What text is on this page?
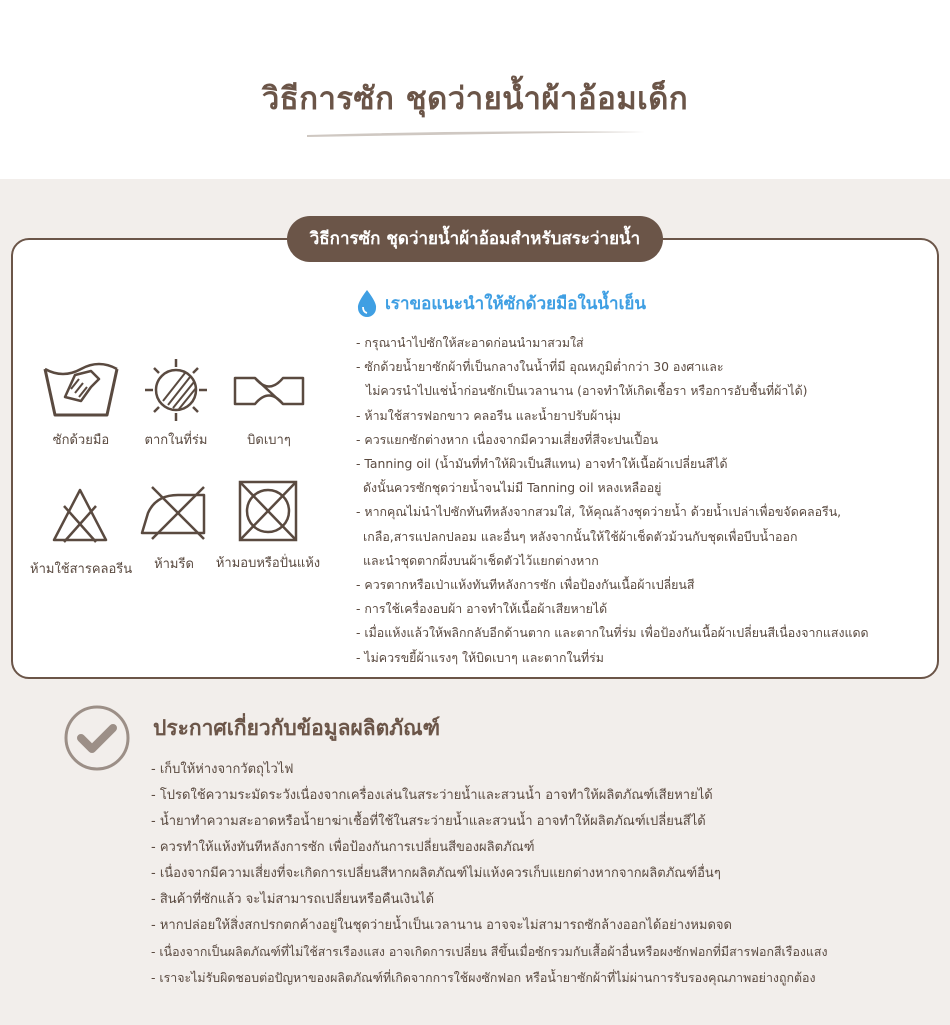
วิธีการซัก ชุดว่ายน้ำผ้าอ้อมเด็ก
วิธีการซัก ชุดว่ายน้ำผ้าอ้อมสำหรับสระว่ายน้ำ
ซักด้วยมือ	ตากในที่ร่ม	บิดเบาๆ
ห้ามใช้สารคลอรีน	ห้ามรีด	ห้ามอบหรือปั่นแห้ง
เราขอแนะนำให้ซักด้วยมือในน้ำเย็น
- กรุณานำไปซักให้สะอาดก่อนนำมาสวมใส่
- ซักด้วยน้ำยาซักผ้าที่เป็นกลางในน้ำที่มี อุณหภูมิต่ำกว่า 30 องศาและ
ไม่ควรนำไปแช่น้ำก่อนซักเป็นเวลานาน (อาจทำให้เกิดเชื้อรา หรือการอับชื้นที่ผ้าได้)
- ห้ามใช้สารฟอกขาว คลอรีน และน้ำยาปรับผ้านุ่ม
- ควรแยกซักต่างหาก เนื่องจากมีความเสี่ยงที่สีจะปนเปื้อน
- Tanning oil (น้ำมันที่ทำให้ผิวเป็นสีแทน) อาจทำให้เนื้อผ้าเปลี่ยนสีได้
ดังนั้นควรซักชุดว่ายน้ำจนไม่มี Tanning oil หลงเหลืออยู่
- หากคุณไม่นำไปซักทันทีหลังจากสวมใส่, ให้คุณล้างชุดว่ายน้ำ ด้วยน้ำเปล่าเพื่อขจัดคลอรีน,
เกลือ,สารแปลกปลอม และอื่นๆ หลังจากนั้นให้ใช้ผ้าเช็ดตัวม้วนกับชุดเพื่อบีบน้ำออก
และนำชุดตากผึ่งบนผ้าเช็ดตัวไว้แยกต่างหาก
- ควรตากหรือเป่าแห้งทันทีหลังการซัก เพื่อป้องกันเนื้อผ้าเปลี่ยนสี
- การใช้เครื่องอบผ้า อาจทำให้เนื้อผ้าเสียหายได้
- เมื่อแห้งแล้วให้พลิกกลับอีกด้านตาก และตากในที่ร่ม เพื่อป้องกันเนื้อผ้าเปลี่ยนสีเนื่องจากแสงแดด
- ไม่ควรขยี้ผ้าแรงๆ ให้บิดเบาๆ และตากในที่ร่ม
ประกาศเกี่ยวกับข้อมูลผลิตภัณฑ์
- เก็บให้ห่างจากวัตถุไวไฟ
- โปรดใช้ความระมัดระวังเนื่องจากเครื่องเล่นในสระว่ายน้ำและสวนน้ำ อาจทำให้ผลิตภัณฑ์เสียหายได้
- น้ำยาทำความสะอาดหรือน้ำยาฆ่าเชื้อที่ใช้ในสระว่ายน้ำและสวนน้ำ อาจทำให้ผลิตภัณฑ์เปลี่ยนสีได้
- ควรทำให้แห้งทันทีหลังการซัก เพื่อป้องกันการเปลี่ยนสีของผลิตภัณฑ์
- เนื่องจากมีความเสี่ยงที่จะเกิดการเปลี่ยนสีหากผลิตภัณฑ์ไม่แห้งควรเก็บแยกต่างหากจากผลิตภัณฑ์อื่นๆ
- สินค้าที่ซักแล้ว จะไม่สามารถเปลี่ยนหรือคืนเงินได้
- หากปล่อยให้สิ่งสกปรกตกค้างอยู่ในชุดว่ายน้ำเป็นเวลานาน อาจจะไม่สามารถซักล้างออกได้อย่างหมดจด
- เนื่องจากเป็นผลิตภัณฑ์ที่ไม่ใช้สารเรืองแสง อาจเกิดการเปลี่ยน สีขึ้นเมื่อซักรวมกับเสื้อผ้าอื่นหรือผงซักฟอกที่มีสารฟอกสีเรืองแสง
- เราจะไม่รับผิดชอบต่อปัญหาของผลิตภัณฑ์ที่เกิดจากการใช้ผงซักฟอก หรือน้ำยาซักผ้าที่ไม่ผ่านการรับรองคุณภาพอย่างถูกต้อง
